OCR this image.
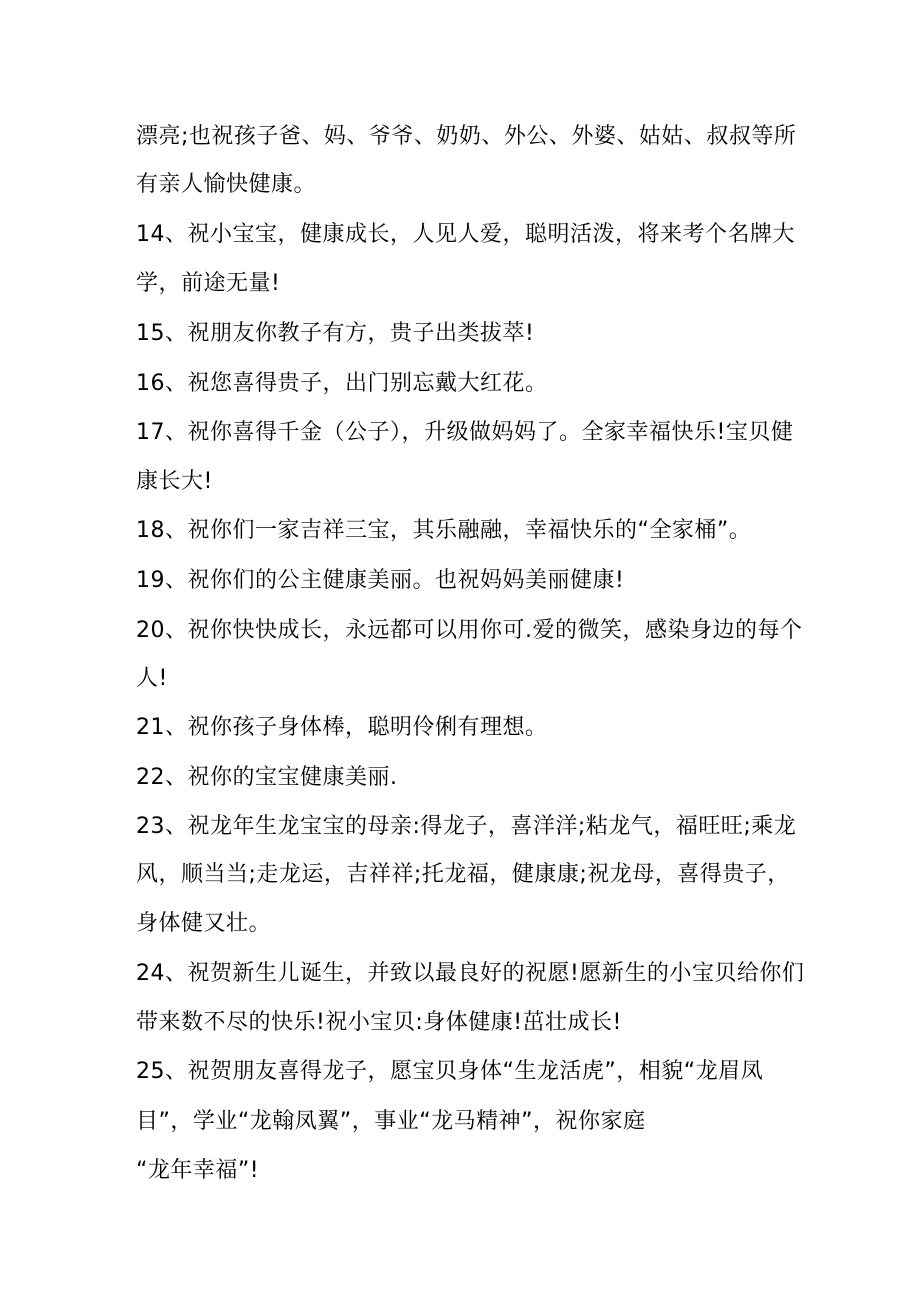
漂亮;也祝孩子爸、妈、爷爷、奶奶、外公、外婆、姑姑、叔叔等所
有亲人愉快健康。
14、祝小宝宝，健康成长，人见人爱，聪明活泼，将来考个名牌大
学，前途无量!
15、祝朋友你教子有方，贵子出类拔萃!
16、祝您喜得贵子，出门别忘戴大红花。
17、祝你喜得千金（公子），升级做妈妈了。全家幸福快乐!宝贝健
康长大!
18、祝你们一家吉祥三宝，其乐融融，幸福快乐的“全家桶”。
19、祝你们的公主健康美丽。也祝妈妈美丽健康!
20、祝你快快成长，永远都可以用你可.爱的微笑，感染身边的每个
人!
21、祝你孩子身体棒，聪明伶俐有理想。
22、祝你的宝宝健康美丽.
23、祝龙年生龙宝宝的母亲:得龙子，喜洋洋;粘龙气，福旺旺;乘龙
风，顺当当;走龙运，吉祥祥;托龙福，健康康;祝龙母，喜得贵子，
身体健又壮。
24、祝贺新生儿诞生，并致以最良好的祝愿!愿新生的小宝贝给你们
带来数不尽的快乐!祝小宝贝:身体健康!茁壮成长!
25、祝贺朋友喜得龙子，愿宝贝身体“生龙活虎”，相貌“龙眉凤
目”，学业“龙翰凤翼”，事业“龙马精神”，祝你家庭
“龙年幸福”!
